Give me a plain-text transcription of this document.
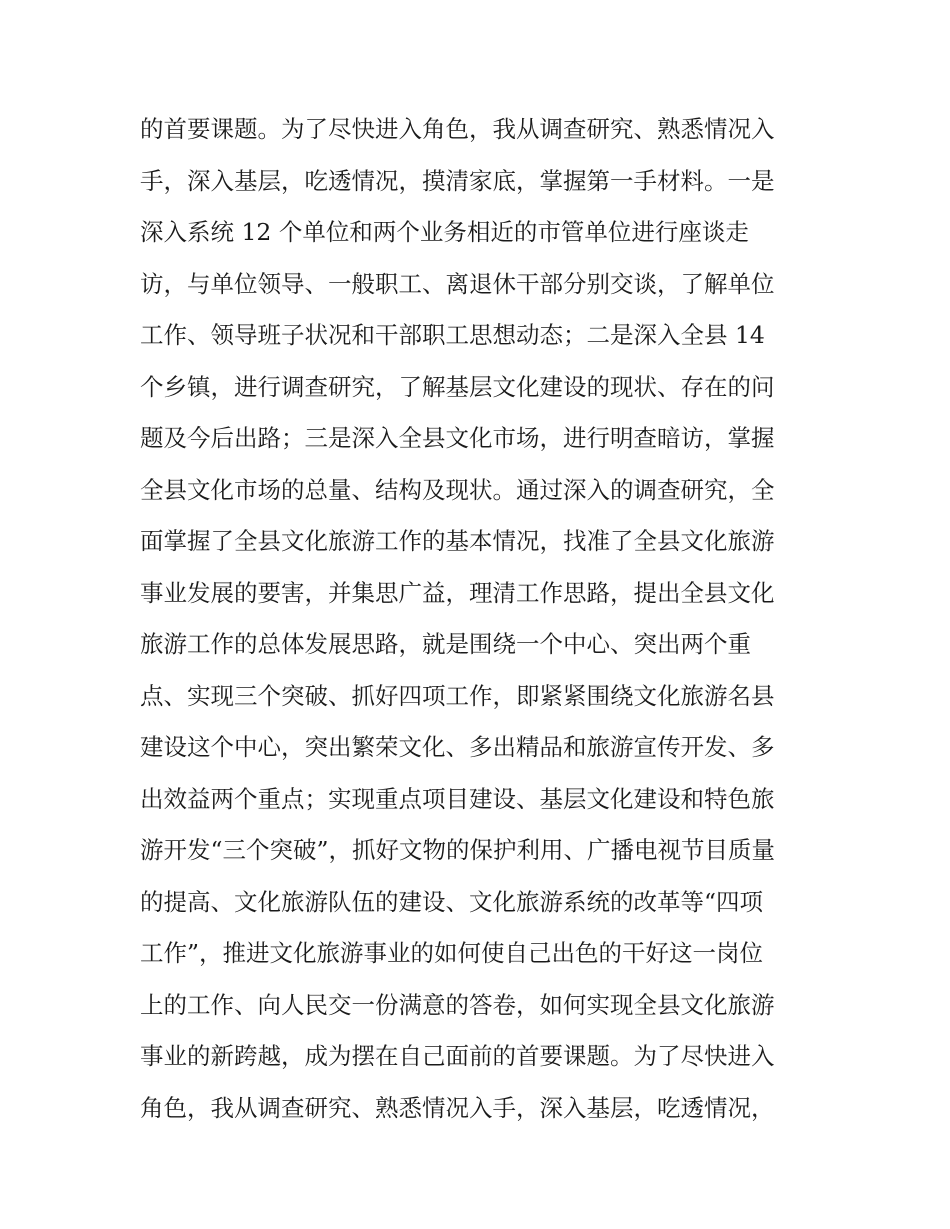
的首要课题。为了尽快进入角色，我从调查研究、熟悉情况入
手，深入基层，吃透情况，摸清家底，掌握第一手材料。一是
深入系统 12 个单位和两个业务相近的市管单位进行座谈走
访，与单位领导、一般职工、离退休干部分别交谈，了解单位
工作、领导班子状况和干部职工思想动态；二是深入全县 14
个乡镇，进行调查研究，了解基层文化建设的现状、存在的问
题及今后出路；三是深入全县文化市场，进行明查暗访，掌握
全县文化市场的总量、结构及现状。通过深入的调查研究，全
面掌握了全县文化旅游工作的基本情况，找准了全县文化旅游
事业发展的要害，并集思广益，理清工作思路，提出全县文化
旅游工作的总体发展思路，就是围绕一个中心、突出两个重
点、实现三个突破、抓好四项工作，即紧紧围绕文化旅游名县
建设这个中心，突出繁荣文化、多出精品和旅游宣传开发、多
出效益两个重点；实现重点项目建设、基层文化建设和特色旅
游开发“三个突破”，抓好文物的保护利用、广播电视节目质量
的提高、文化旅游队伍的建设、文化旅游系统的改革等“四项
工作”，推进文化旅游事业的如何使自己出色的干好这一岗位
上的工作、向人民交一份满意的答卷，如何实现全县文化旅游
事业的新跨越，成为摆在自己面前的首要课题。为了尽快进入
角色，我从调查研究、熟悉情况入手，深入基层，吃透情况，
